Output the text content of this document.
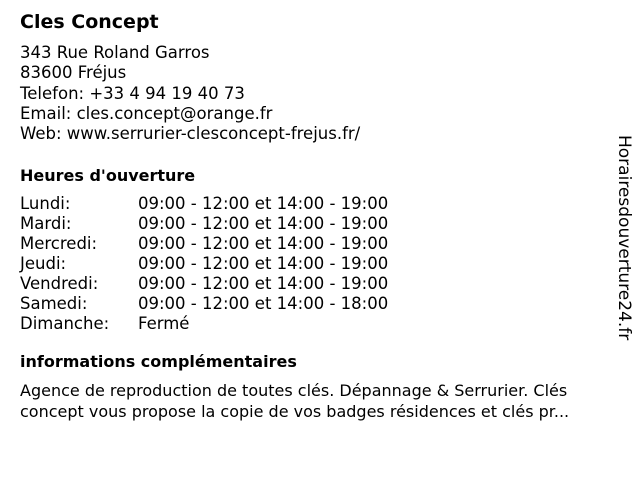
Cles Concept
343 Rue Roland Garros
83600 Fréjus
Telefon: +33 4 94 19 40 73
Email: cles.concept@orange.fr
Web: www.serrurier-clesconcept-frejus.fr/
Heures d'ouverture
Lundi:	09:00 - 12:00 et 14:00 - 19:00
Mardi:	09:00 - 12:00 et 14:00 - 19:00
Mercredi:	09:00 - 12:00 et 14:00 - 19:00
Jeudi:	09:00 - 12:00 et 14:00 - 19:00
Vendredi:	09:00 - 12:00 et 14:00 - 19:00
Samedi:	09:00 - 12:00 et 14:00 - 18:00
Dimanche:	Fermé
informations complémentaires

Agence de reproduction de toutes clés. Dépannage & Serrurier. Clés concept vous propose la copie de vos badges résidences et clés pr...

Horairesdouverture24.fr
